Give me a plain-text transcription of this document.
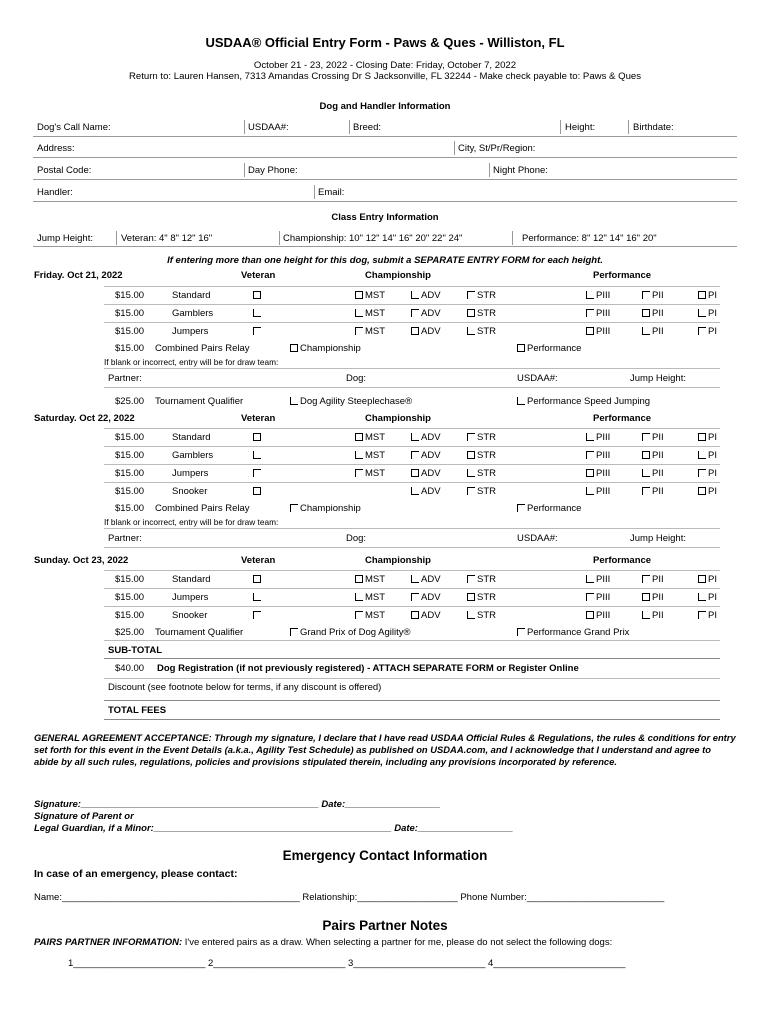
USDAA® Official Entry Form - Paws & Ques - Williston, FL
October 21 - 23, 2022 - Closing Date: Friday, October 7, 2022
Return to: Lauren Hansen, 7313 Amandas Crossing Dr S Jacksonville, FL 32244 - Make check payable to: Paws & Ques
Dog and Handler Information
Dog's Call Name:	USDAA#:	Breed:	Height:	Birthdate:
Address:	City, St/Pr/Region:
Postal Code:	Day Phone:	Night Phone:
Handler:	Email:
Class Entry Information
Jump Height:	Veteran: 4" 8" 12" 16"	Championship: 10" 12" 14" 16" 20" 22" 24"	Performance: 8" 12" 14" 16" 20"
If entering more than one height for this dog, submit a SEPARATE ENTRY FORM for each height.
Friday. Oct 21, 2022	Veteran	Championship	Performance
$15.00	Standard	MST	ADV	STR	PIII	PII	PI
$15.00	Gamblers	MST	ADV	STR	PIII	PII	PI
$15.00	Jumpers	MST	ADV	STR	PIII	PII	PI
$15.00 Combined Pairs Relay	Championship	Performance
If blank or incorrect, entry will be for draw team:
Partner:	Dog:	USDAA#:	Jump Height:
$25.00 Tournament Qualifier	Dog Agility Steeplechase®	Performance Speed Jumping
Saturday. Oct 22, 2022	Veteran	Championship	Performance
$15.00	Standard	MST	ADV	STR	PIII	PII	PI
$15.00	Gamblers	MST	ADV	STR	PIII	PII	PI
$15.00	Jumpers	MST	ADV	STR	PIII	PII	PI
$15.00	Snooker	ADV	STR	PIII	PII	PI
$15.00 Combined Pairs Relay	Championship	Performance
If blank or incorrect, entry will be for draw team:
Partner:	Dog:	USDAA#:	Jump Height:
Sunday. Oct 23, 2022	Veteran	Championship	Performance
$15.00	Standard	MST	ADV	STR	PIII	PII	PI
$15.00	Jumpers	MST	ADV	STR	PIII	PII	PI
$15.00	Snooker	MST	ADV	STR	PIII	PII	PI
$25.00 Tournament Qualifier	Grand Prix of Dog Agility®	Performance Grand Prix
SUB-TOTAL
$40.00 Dog Registration (if not previously registered) - ATTACH SEPARATE FORM or Register Online
Discount (see footnote below for terms, if any discount is offered)
TOTAL FEES
GENERAL AGREEMENT ACCEPTANCE: Through my signature, I declare that I have read USDAA Official Rules & Regulations, the rules & conditions for entry set forth for this event in the Event Details (a.k.a., Agility Test Schedule) as published on USDAA.com, and I acknowledge that I understand and agree to abide by all such rules, regulations, policies and provisions stipulated therein, including any provisions incorporated by reference.
Signature:_____________________________________________ Date:__________________
Signature of Parent or
Legal Guardian, if a Minor:_____________________________________________ Date:__________________
Emergency Contact Information
In case of an emergency, please contact:
Name:_____________________________________________ Relationship:___________________ Phone Number:__________________________
Pairs Partner Notes
PAIRS PARTNER INFORMATION: I've entered pairs as a draw. When selecting a partner for me, please do not select the following dogs:
1_________________________ 2_________________________ 3_________________________ 4_________________________
